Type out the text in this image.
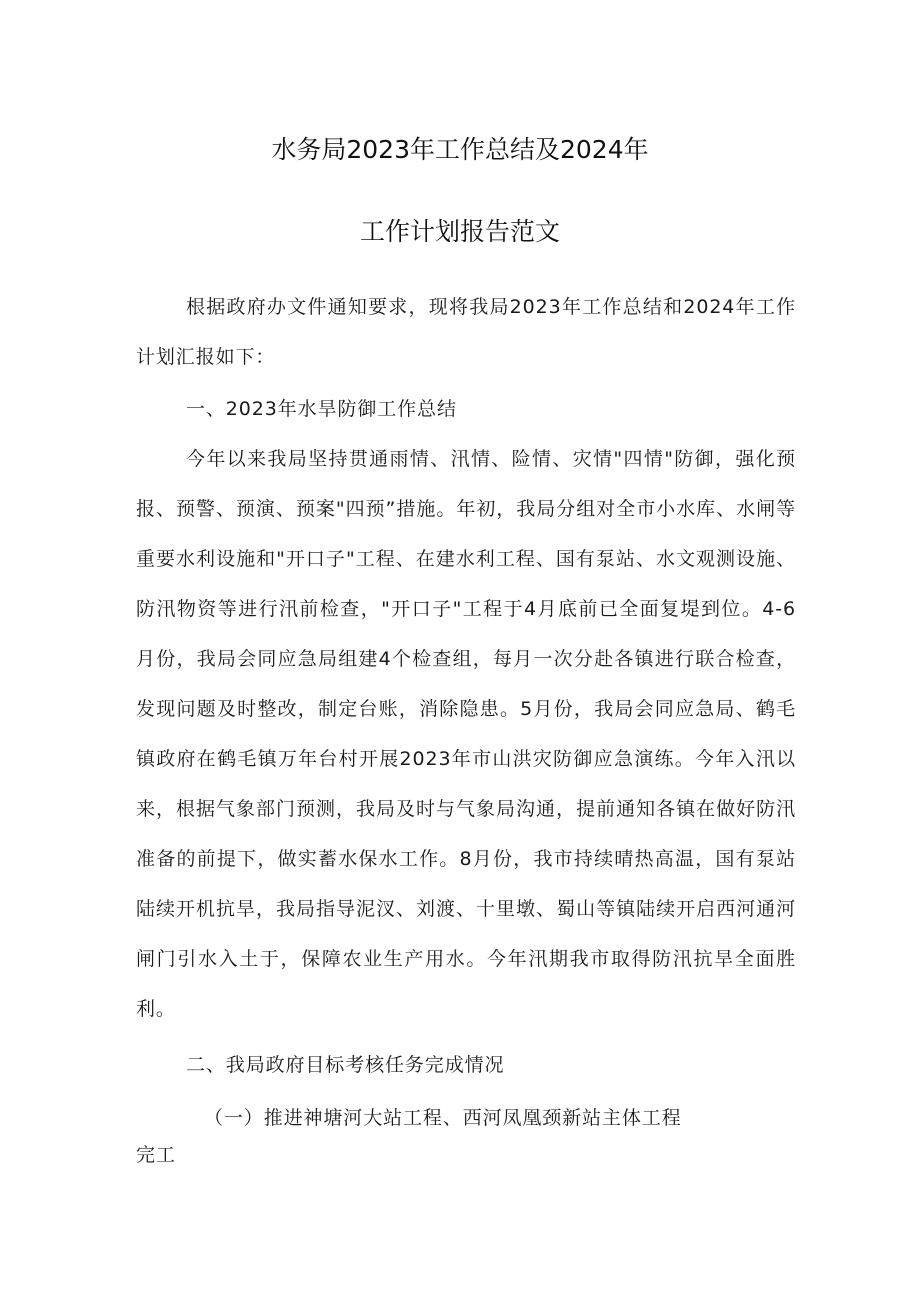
水务局2023年工作总结及2024年
工作计划报告范文

根据政府办文件通知要求，现将我局2023年工作总结和2024年工作计划汇报如下：

一、2023年水旱防御工作总结

今年以来我局坚持贯通雨情、汛情、险情、灾情"四情"防御，强化预报、预警、预演、预案"四预”措施。年初，我局分组对全市小水库、水闸等重要水利设施和"开口子"工程、在建水利工程、国有泵站、水文观测设施、防汛物资等进行汛前检查，"开口子"工程于4月底前已全面复堤到位。4-6月份，我局会同应急局组建4个检查组，每月一次分赴各镇进行联合检查，发现问题及时整改，制定台账，消除隐患。5月份，我局会同应急局、鹤毛镇政府在鹤毛镇万年台村开展2023年市山洪灾防御应急演练。今年入汛以来，根据气象部门预测，我局及时与气象局沟通，提前通知各镇在做好防汛准备的前提下，做实蓄水保水工作。8月份，我市持续晴热高温，国有泵站陆续开机抗旱，我局指导泥汊、刘渡、十里墩、蜀山等镇陆续开启西河通河闸门引水入土于，保障农业生产用水。今年汛期我市取得防汛抗旱全面胜利。

二、我局政府目标考核任务完成情况

（一）推进神塘河大站工程、西河凤凰颈新站主体工程

完工
